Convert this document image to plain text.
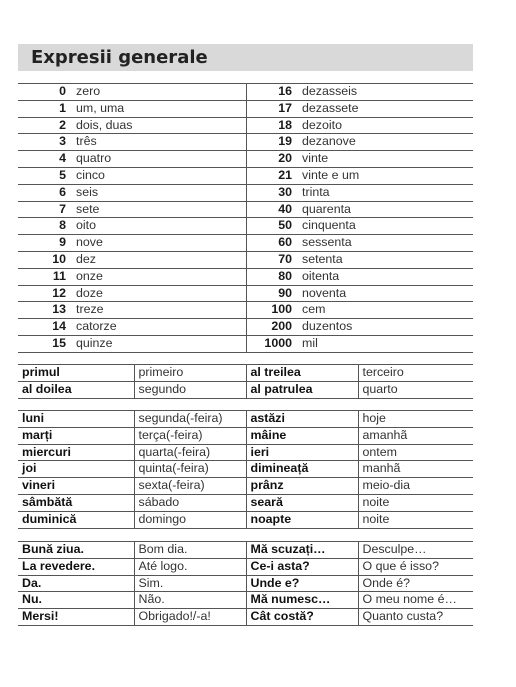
Expresii generale
0	zero	16	dezasseis
1	um, uma	17	dezassete
2	dois, duas	18	dezoito
3	três	19	dezanove
4	quatro	20	vinte
5	cinco	21	vinte e um
6	seis	30	trinta
7	sete	40	quarenta
8	oito	50	cinquenta
9	nove	60	sessenta
10	dez	70	setenta
11	onze	80	oitenta
12	doze	90	noventa
13	treze	100	cem
14	catorze	200	duzentos
15	quinze	1000	mil
primul	primeiro	al treilea	terceiro
al doilea	segundo	al patrulea	quarto
luni	segunda(-feira)	astăzi	hoje
marți	terça(-feira)	mâine	amanhã
miercuri	quarta(-feira)	ieri	ontem
joi	quinta(-feira)	dimineață	manhã
vineri	sexta(-feira)	prânz	meio-dia
sâmbătă	sábado	seară	noite
duminică	domingo	noapte	noite
Bună ziua.	Bom dia.	Mă scuzați…	Desculpe…
La revedere.	Até logo.	Ce-i asta?	O que é isso?
Da.	Sim.	Unde e?	Onde é?
Nu.	Não.	Mă numesc…	O meu nome é…
Mersi!	Obrigado!/-a!	Cât costă?	Quanto custa?
